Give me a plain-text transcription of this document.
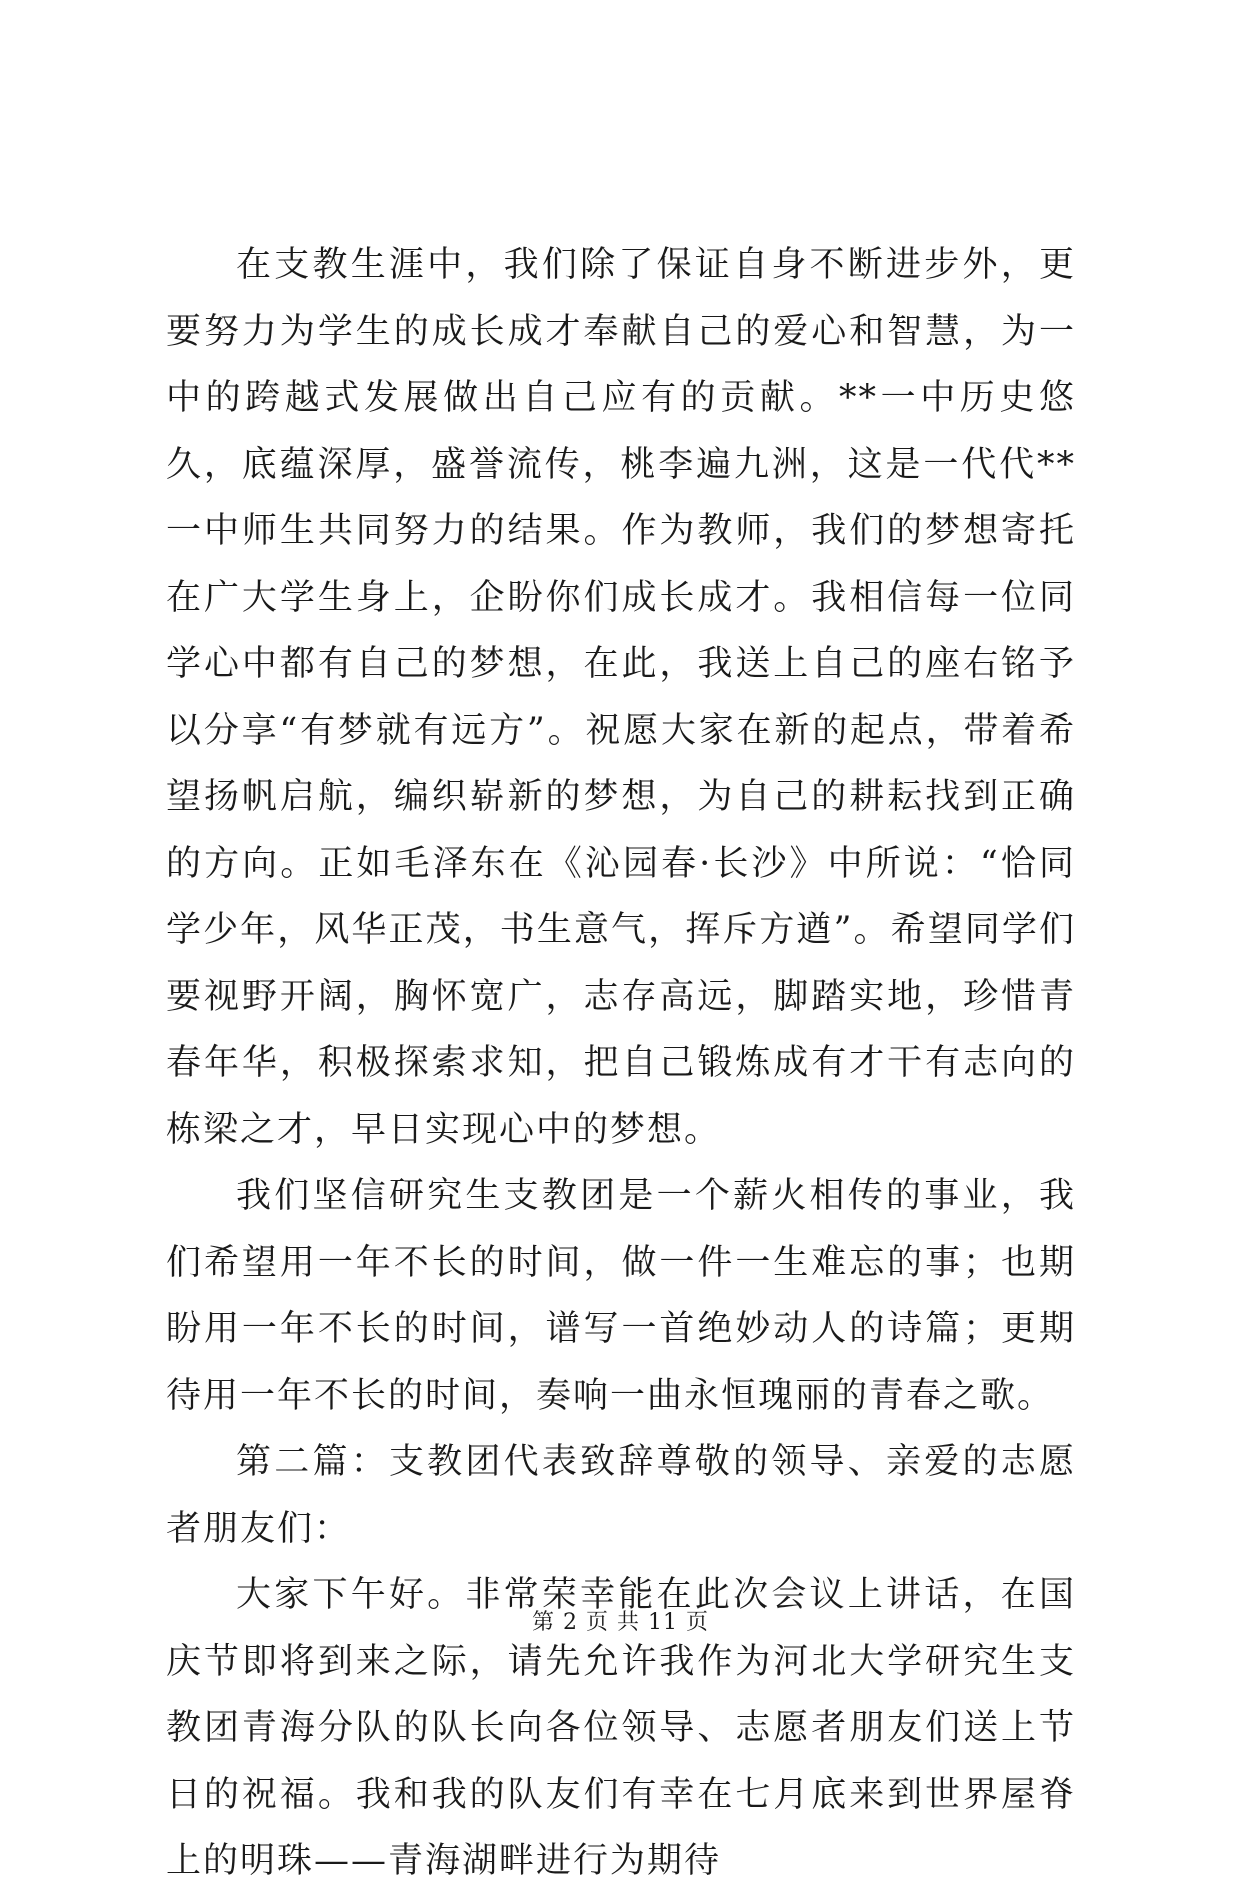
在支教生涯中，我们除了保证自身不断进步外，更要努力为学生的成长成才奉献自己的爱心和智慧，为一中的跨越式发展做出自己应有的贡献。**一中历史悠久，底蕴深厚，盛誉流传，桃李遍九洲，这是一代代**一中师生共同努力的结果。作为教师，我们的梦想寄托在广大学生身上，企盼你们成长成才。我相信每一位同学心中都有自己的梦想，在此，我送上自己的座右铭予以分享“有梦就有远方”。祝愿大家在新的起点，带着希望扬帆启航，编织崭新的梦想，为自己的耕耘找到正确的方向。正如毛泽东在《沁园春·长沙》中所说：“恰同学少年，风华正茂，书生意气，挥斥方遒”。希望同学们要视野开阔，胸怀宽广，志存高远，脚踏实地，珍惜青春年华，积极探索求知，把自己锻炼成有才干有志向的栋梁之才，早日实现心中的梦想。

我们坚信研究生支教团是一个薪火相传的事业，我们希望用一年不长的时间，做一件一生难忘的事；也期盼用一年不长的时间，谱写一首绝妙动人的诗篇；更期待用一年不长的时间，奏响一曲永恒瑰丽的青春之歌。

第二篇：支教团代表致辞尊敬的领导、亲爱的志愿者朋友们：

大家下午好。非常荣幸能在此次会议上讲话，在国庆节即将到来之际，请先允许我作为河北大学研究生支教团青海分队的队长向各位领导、志愿者朋友们送上节日的祝福。我和我的队友们有幸在七月底来到世界屋脊上的明珠——青海湖畔进行为期待

第 2 页 共 11 页
